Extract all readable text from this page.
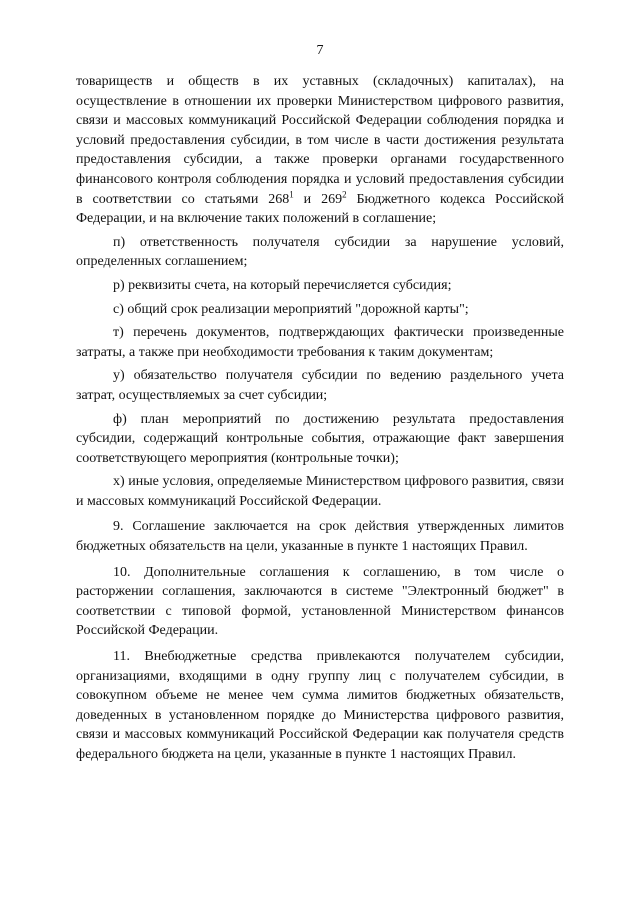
7

товариществ и обществ в их уставных (складочных) капиталах), на осуществление в отношении их проверки Министерством цифрового развития, связи и массовых коммуникаций Российской Федерации соблюдения порядка и условий предоставления субсидии, в том числе в части достижения результата предоставления субсидии, а также проверки органами государственного финансового контроля соблюдения порядка и условий предоставления субсидии в соответствии со статьями $268^1$ и $269^2$ Бюджетного кодекса Российской Федерации, и на включение таких положений в соглашение;

п) ответственность получателя субсидии за нарушение условий, определенных соглашением;

р) реквизиты счета, на который перечисляется субсидия;

с) общий срок реализации мероприятий "дорожной карты";

т) перечень документов, подтверждающих фактически произведенные затраты, а также при необходимости требования к таким документам;

у) обязательство получателя субсидии по ведению раздельного учета затрат, осуществляемых за счет субсидии;

ф) план мероприятий по достижению результата предоставления субсидии, содержащий контрольные события, отражающие факт завершения соответствующего мероприятия (контрольные точки);

х) иные условия, определяемые Министерством цифрового развития, связи и массовых коммуникаций Российской Федерации.

9. Соглашение заключается на срок действия утвержденных лимитов бюджетных обязательств на цели, указанные в пункте 1 настоящих Правил.

10. Дополнительные соглашения к соглашению, в том числе о расторжении соглашения, заключаются в системе "Электронный бюджет" в соответствии с типовой формой, установленной Министерством финансов Российской Федерации.

11. Внебюджетные средства привлекаются получателем субсидии, организациями, входящими в одну группу лиц с получателем субсидии, в совокупном объеме не менее чем сумма лимитов бюджетных обязательств, доведенных в установленном порядке до Министерства цифрового развития, связи и массовых коммуникаций Российской Федерации как получателя средств федерального бюджета на цели, указанные в пункте 1 настоящих Правил.
